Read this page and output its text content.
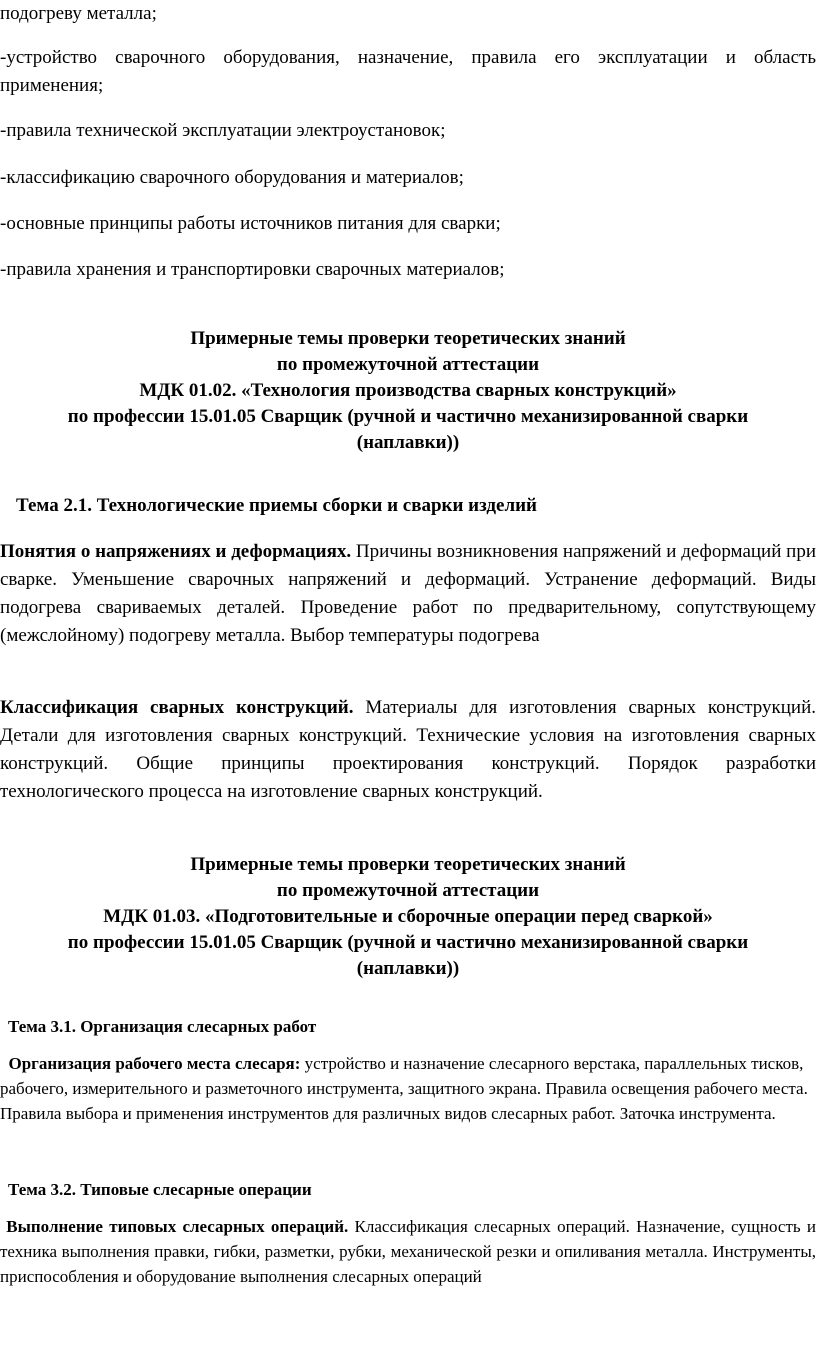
подогреву металла;

-устройство сварочного оборудования, назначение, правила его эксплуатации и область применения;

-правила технической эксплуатации электроустановок;

-классификацию сварочного оборудования и материалов;

-основные принципы работы источников питания для сварки;

-правила хранения и транспортировки сварочных материалов;

Примерные темы проверки теоретических знаний
по промежуточной аттестации
МДК 01.02. «Технология производства сварных конструкций»
по профессии 15.01.05 Сварщик (ручной и частично механизированной сварки
(наплавки))

Тема 2.1. Технологические приемы сборки и сварки изделий

Понятия о напряжениях и деформациях. Причины возникновения напряжений и деформаций при сварке. Уменьшение сварочных напряжений и деформаций. Устранение деформаций. Виды подогрева свариваемых деталей. Проведение работ по предварительному, сопутствующему (межслойному) подогреву металла. Выбор температуры подогрева

Классификация сварных конструкций. Материалы для изготовления сварных конструкций. Детали для изготовления сварных конструкций. Технические условия на изготовления сварных конструкций. Общие принципы проектирования конструкций. Порядок разработки технологического процесса на изготовление сварных конструкций.

Примерные темы проверки теоретических знаний
по промежуточной аттестации
МДК 01.03. «Подготовительные и сборочные операции перед сваркой»
по профессии 15.01.05 Сварщик (ручной и частично механизированной сварки
(наплавки))

Тема 3.1. Организация слесарных работ

Организация рабочего места слесаря: устройство и назначение слесарного верстака, параллельных тисков, рабочего, измерительного и разметочного инструмента, защитного экрана. Правила освещения рабочего места. Правила выбора и применения инструментов для различных видов слесарных работ. Заточка инструмента.

Тема 3.2. Типовые слесарные операции

Выполнение типовых слесарных операций. Классификация слесарных операций. Назначение, сущность и техника выполнения правки, гибки, разметки, рубки, механической резки и опиливания металла. Инструменты, приспособления и оборудование выполнения слесарных операций
